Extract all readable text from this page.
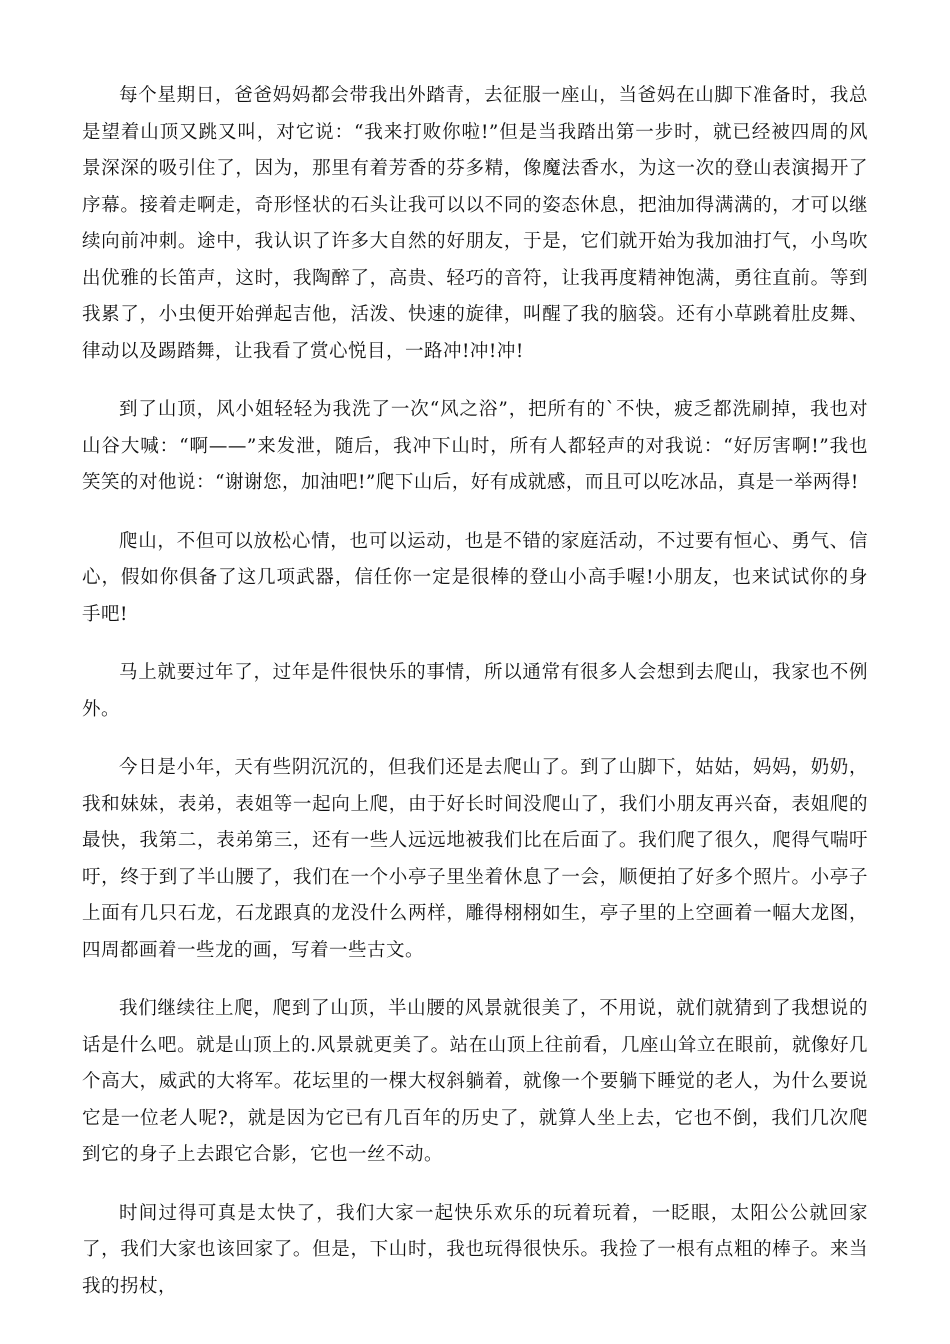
每个星期日，爸爸妈妈都会带我出外踏青，去征服一座山，当爸妈在山脚下准备时，我总是望着山顶又跳又叫，对它说：“我来打败你啦!”但是当我踏出第一步时，就已经被四周的风景深深的吸引住了，因为，那里有着芳香的芬多精，像魔法香水，为这一次的登山表演揭开了序幕。接着走啊走，奇形怪状的石头让我可以以不同的姿态休息，把油加得满满的，才可以继续向前冲刺。途中，我认识了许多大自然的好朋友，于是，它们就开始为我加油打气，小鸟吹出优雅的长笛声，这时，我陶醉了，高贵、轻巧的音符，让我再度精神饱满，勇往直前。等到我累了，小虫便开始弹起吉他，活泼、快速的旋律，叫醒了我的脑袋。还有小草跳着肚皮舞、律动以及踢踏舞，让我看了赏心悦目，一路冲!冲!冲!

到了山顶，风小姐轻轻为我洗了一次“风之浴”，把所有的`不快，疲乏都洗刷掉，我也对山谷大喊：“啊——”来发泄，随后，我冲下山时，所有人都轻声的对我说：“好厉害啊!”我也笑笑的对他说：“谢谢您，加油吧!”爬下山后，好有成就感，而且可以吃冰品，真是一举两得!

爬山，不但可以放松心情，也可以运动，也是不错的家庭活动，不过要有恒心、勇气、信心，假如你俱备了这几项武器，信任你一定是很棒的登山小高手喔!小朋友，也来试试你的身手吧!

马上就要过年了，过年是件很快乐的事情，所以通常有很多人会想到去爬山，我家也不例外。

今日是小年，天有些阴沉沉的，但我们还是去爬山了。到了山脚下，姑姑，妈妈，奶奶，我和妹妹，表弟，表姐等一起向上爬，由于好长时间没爬山了，我们小朋友再兴奋，表姐爬的最快，我第二，表弟第三，还有一些人远远地被我们比在后面了。我们爬了很久，爬得气喘吁吁，终于到了半山腰了，我们在一个小亭子里坐着休息了一会，顺便拍了好多个照片。小亭子上面有几只石龙，石龙跟真的龙没什么两样，雕得栩栩如生，亭子里的上空画着一幅大龙图，四周都画着一些龙的画，写着一些古文。

我们继续往上爬，爬到了山顶，半山腰的风景就很美了，不用说，就们就猜到了我想说的话是什么吧。就是山顶上的.风景就更美了。站在山顶上往前看，几座山耸立在眼前，就像好几个高大，威武的大将军。花坛里的一棵大杈斜躺着，就像一个要躺下睡觉的老人，为什么要说它是一位老人呢?，就是因为它已有几百年的历史了，就算人坐上去，它也不倒，我们几次爬到它的身子上去跟它合影，它也一丝不动。

时间过得可真是太快了，我们大家一起快乐欢乐的玩着玩着，一眨眼，太阳公公就回家了，我们大家也该回家了。但是，下山时，我也玩得很快乐。我捡了一根有点粗的棒子。来当我的拐杖，
